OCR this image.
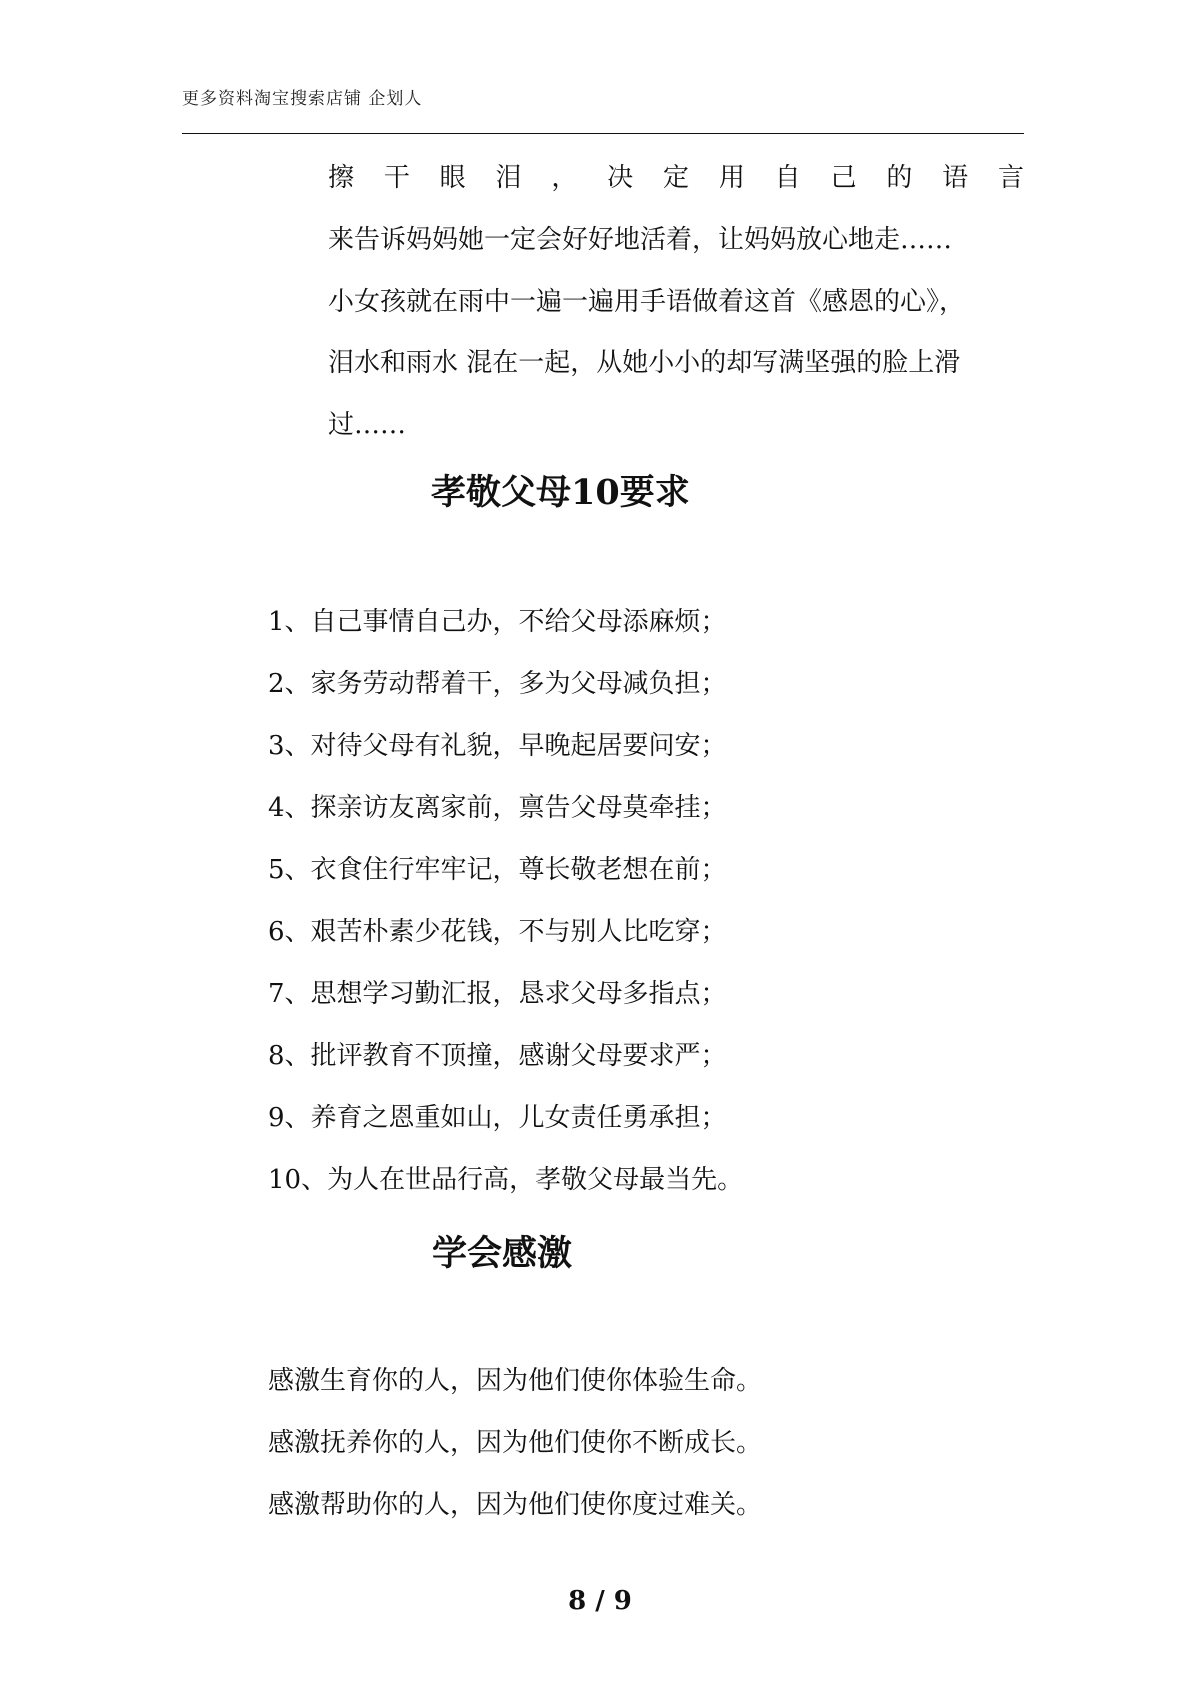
更多资料淘宝搜索店铺 企划人
擦干眼泪，决定用自己的语言
来告诉妈妈她一定会好好地活着，让妈妈放心地走……
小女孩就在雨中一遍一遍用手语做着这首《感恩的心》，
泪水和雨水 混在一起，从她小小的却写满坚强的脸上滑
过……
孝敬父母10要求
1、自己事情自己办，不给父母添麻烦；
2、家务劳动帮着干，多为父母减负担；
3、对待父母有礼貌，早晚起居要问安；
4、探亲访友离家前，禀告父母莫牵挂；
5、衣食住行牢牢记，尊长敬老想在前；
6、艰苦朴素少花钱，不与别人比吃穿；
7、思想学习勤汇报，恳求父母多指点；
8、批评教育不顶撞，感谢父母要求严；
9、养育之恩重如山，儿女责任勇承担；
10、为人在世品行高，孝敬父母最当先。
学会感激
感激生育你的人，因为他们使你体验生命。
感激抚养你的人，因为他们使你不断成长。
感激帮助你的人，因为他们使你度过难关。
8 / 9
